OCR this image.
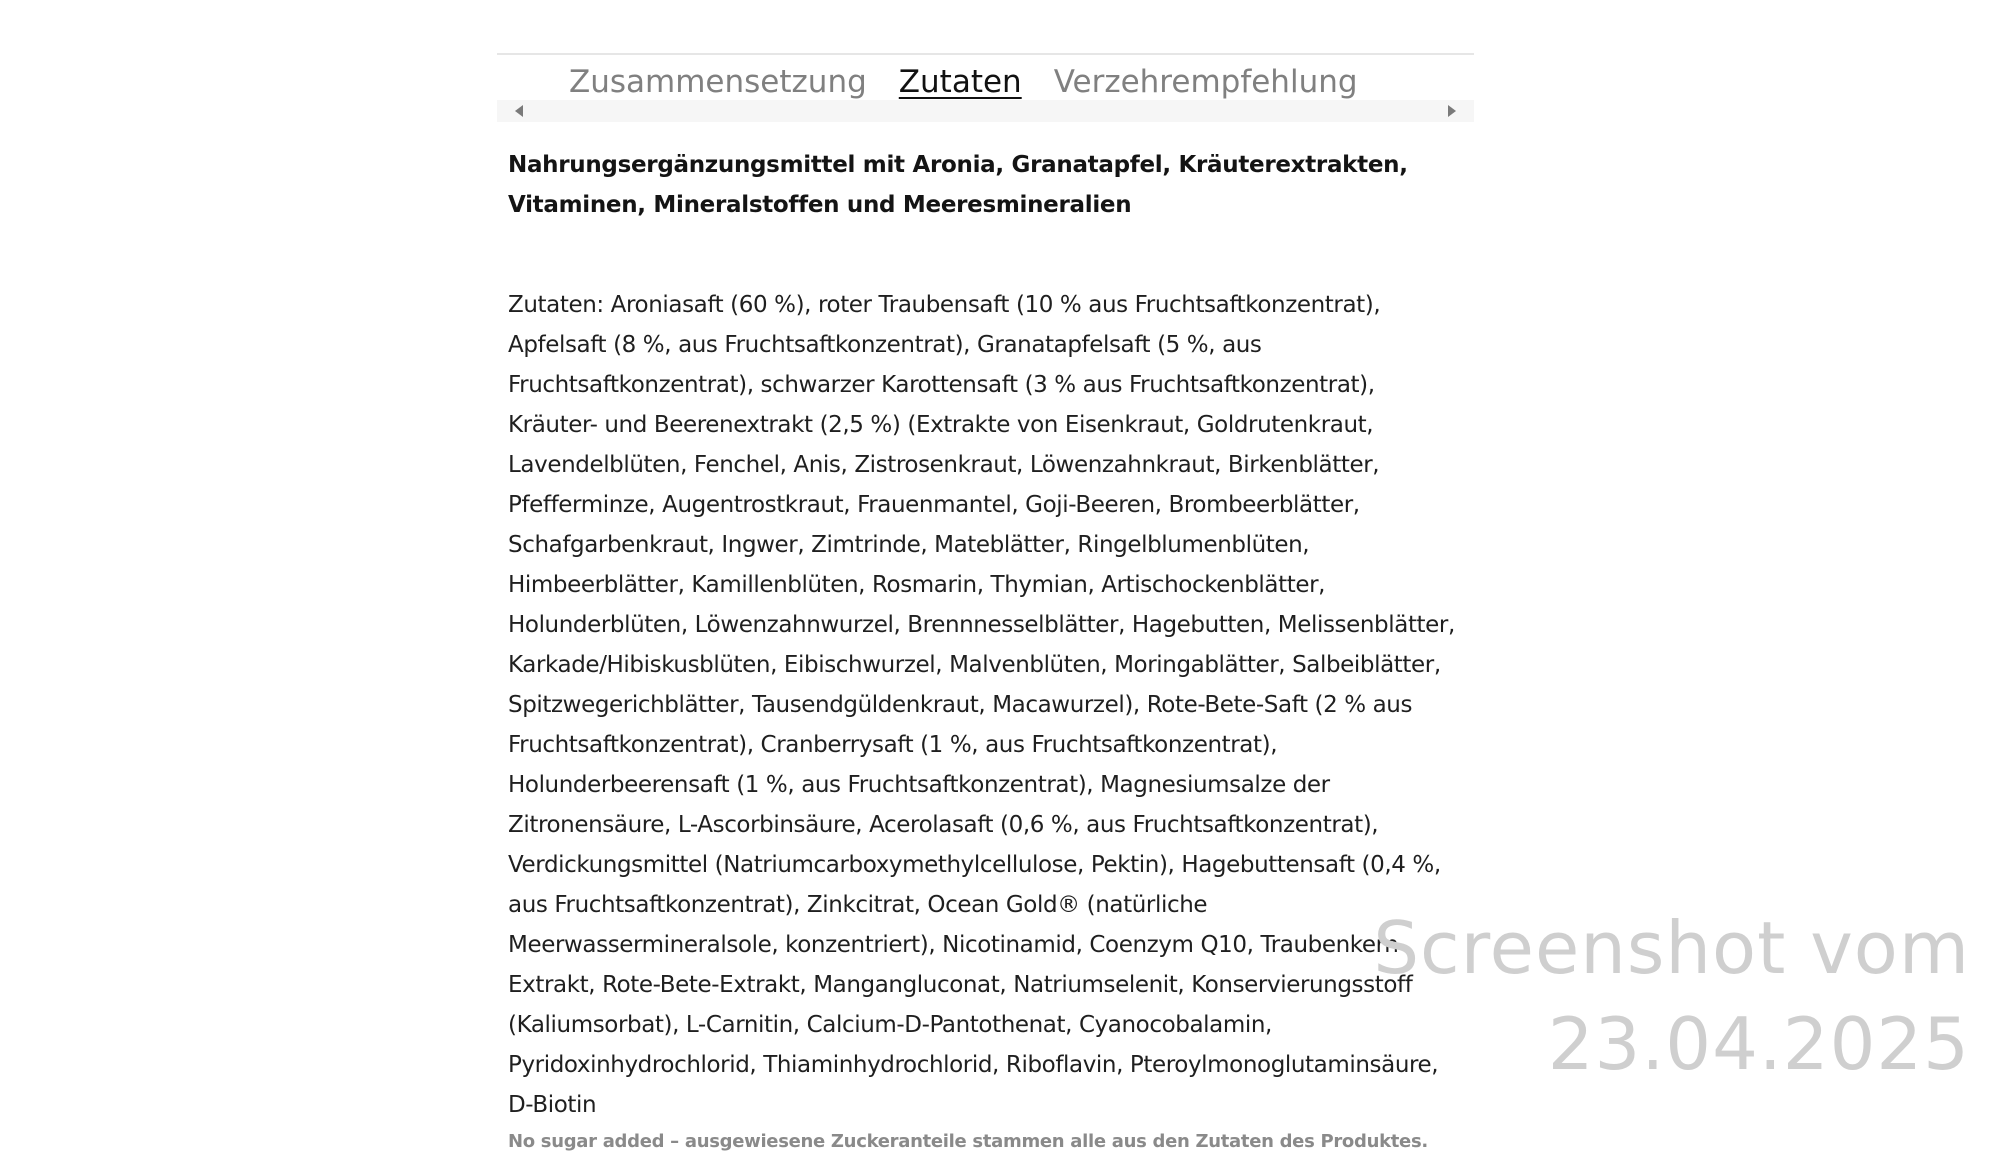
Zusammensetzung Zutaten Verzehrempfehlung
Nahrungsergänzungsmittel mit Aronia, Granatapfel, Kräuterextrakten, Vitaminen, Mineralstoffen und Meeresmineralien
Zutaten: Aroniasaft (60 %), roter Traubensaft (10 % aus Fruchtsaftkonzentrat), Apfelsaft (8 %, aus Fruchtsaftkonzentrat), Granatapfelsaft (5 %, aus Fruchtsaftkonzentrat), schwarzer Karottensaft (3 % aus Fruchtsaftkonzentrat), Kräuter- und Beerenextrakt (2,5 %) (Extrakte von Eisenkraut, Goldrutenkraut, Lavendelblüten, Fenchel, Anis, Zistrosenkraut, Löwenzahnkraut, Birkenblätter, Pfefferminze, Augentrostkraut, Frauenmantel, Goji-Beeren, Brombeerblätter, Schafgarbenkraut, Ingwer, Zimtrinde, Mateblätter, Ringelblumenblüten, Himbeerblätter, Kamillenblüten, Rosmarin, Thymian, Artischockenblätter, Holunderblüten, Löwenzahnwurzel, Brennnesselblätter, Hagebutten, Melissenblätter, Karkade/Hibiskusblüten, Eibischwurzel, Malvenblüten, Moringablätter, Salbeiblätter, Spitzwegerichblätter, Tausendgüldenkraut, Macawurzel), Rote-Bete-Saft (2 % aus Fruchtsaftkonzentrat), Cranberrysaft (1 %, aus Fruchtsaftkonzentrat), Holunderbeerensaft (1 %, aus Fruchtsaftkonzentrat), Magnesiumsalze der Zitronensäure, L-Ascorbinsäure, Acerolasaft (0,6 %, aus Fruchtsaftkonzentrat), Verdickungsmittel (Natriumcarboxymethylcellulose, Pektin), Hagebuttensaft (0,4 %, aus Fruchtsaftkonzentrat), Zinkcitrat, Ocean Gold® (natürliche Meerwassermineralsole, konzentriert), Nicotinamid, Coenzym Q10, Traubenkern-Extrakt, Rote-Bete-Extrakt, Mangangluconat, Natriumselenit, Konservierungsstoff (Kaliumsorbat), L-Carnitin, Calcium-D-Pantothenat, Cyanocobalamin, Pyridoxinhydrochlorid, Thiaminhydrochlorid, Riboflavin, Pteroylmonoglutaminsäure, D-Biotin
No sugar added – ausgewiesene Zuckeranteile stammen alle aus den Zutaten des Produktes.
Screenshot vom
23.04.2025
